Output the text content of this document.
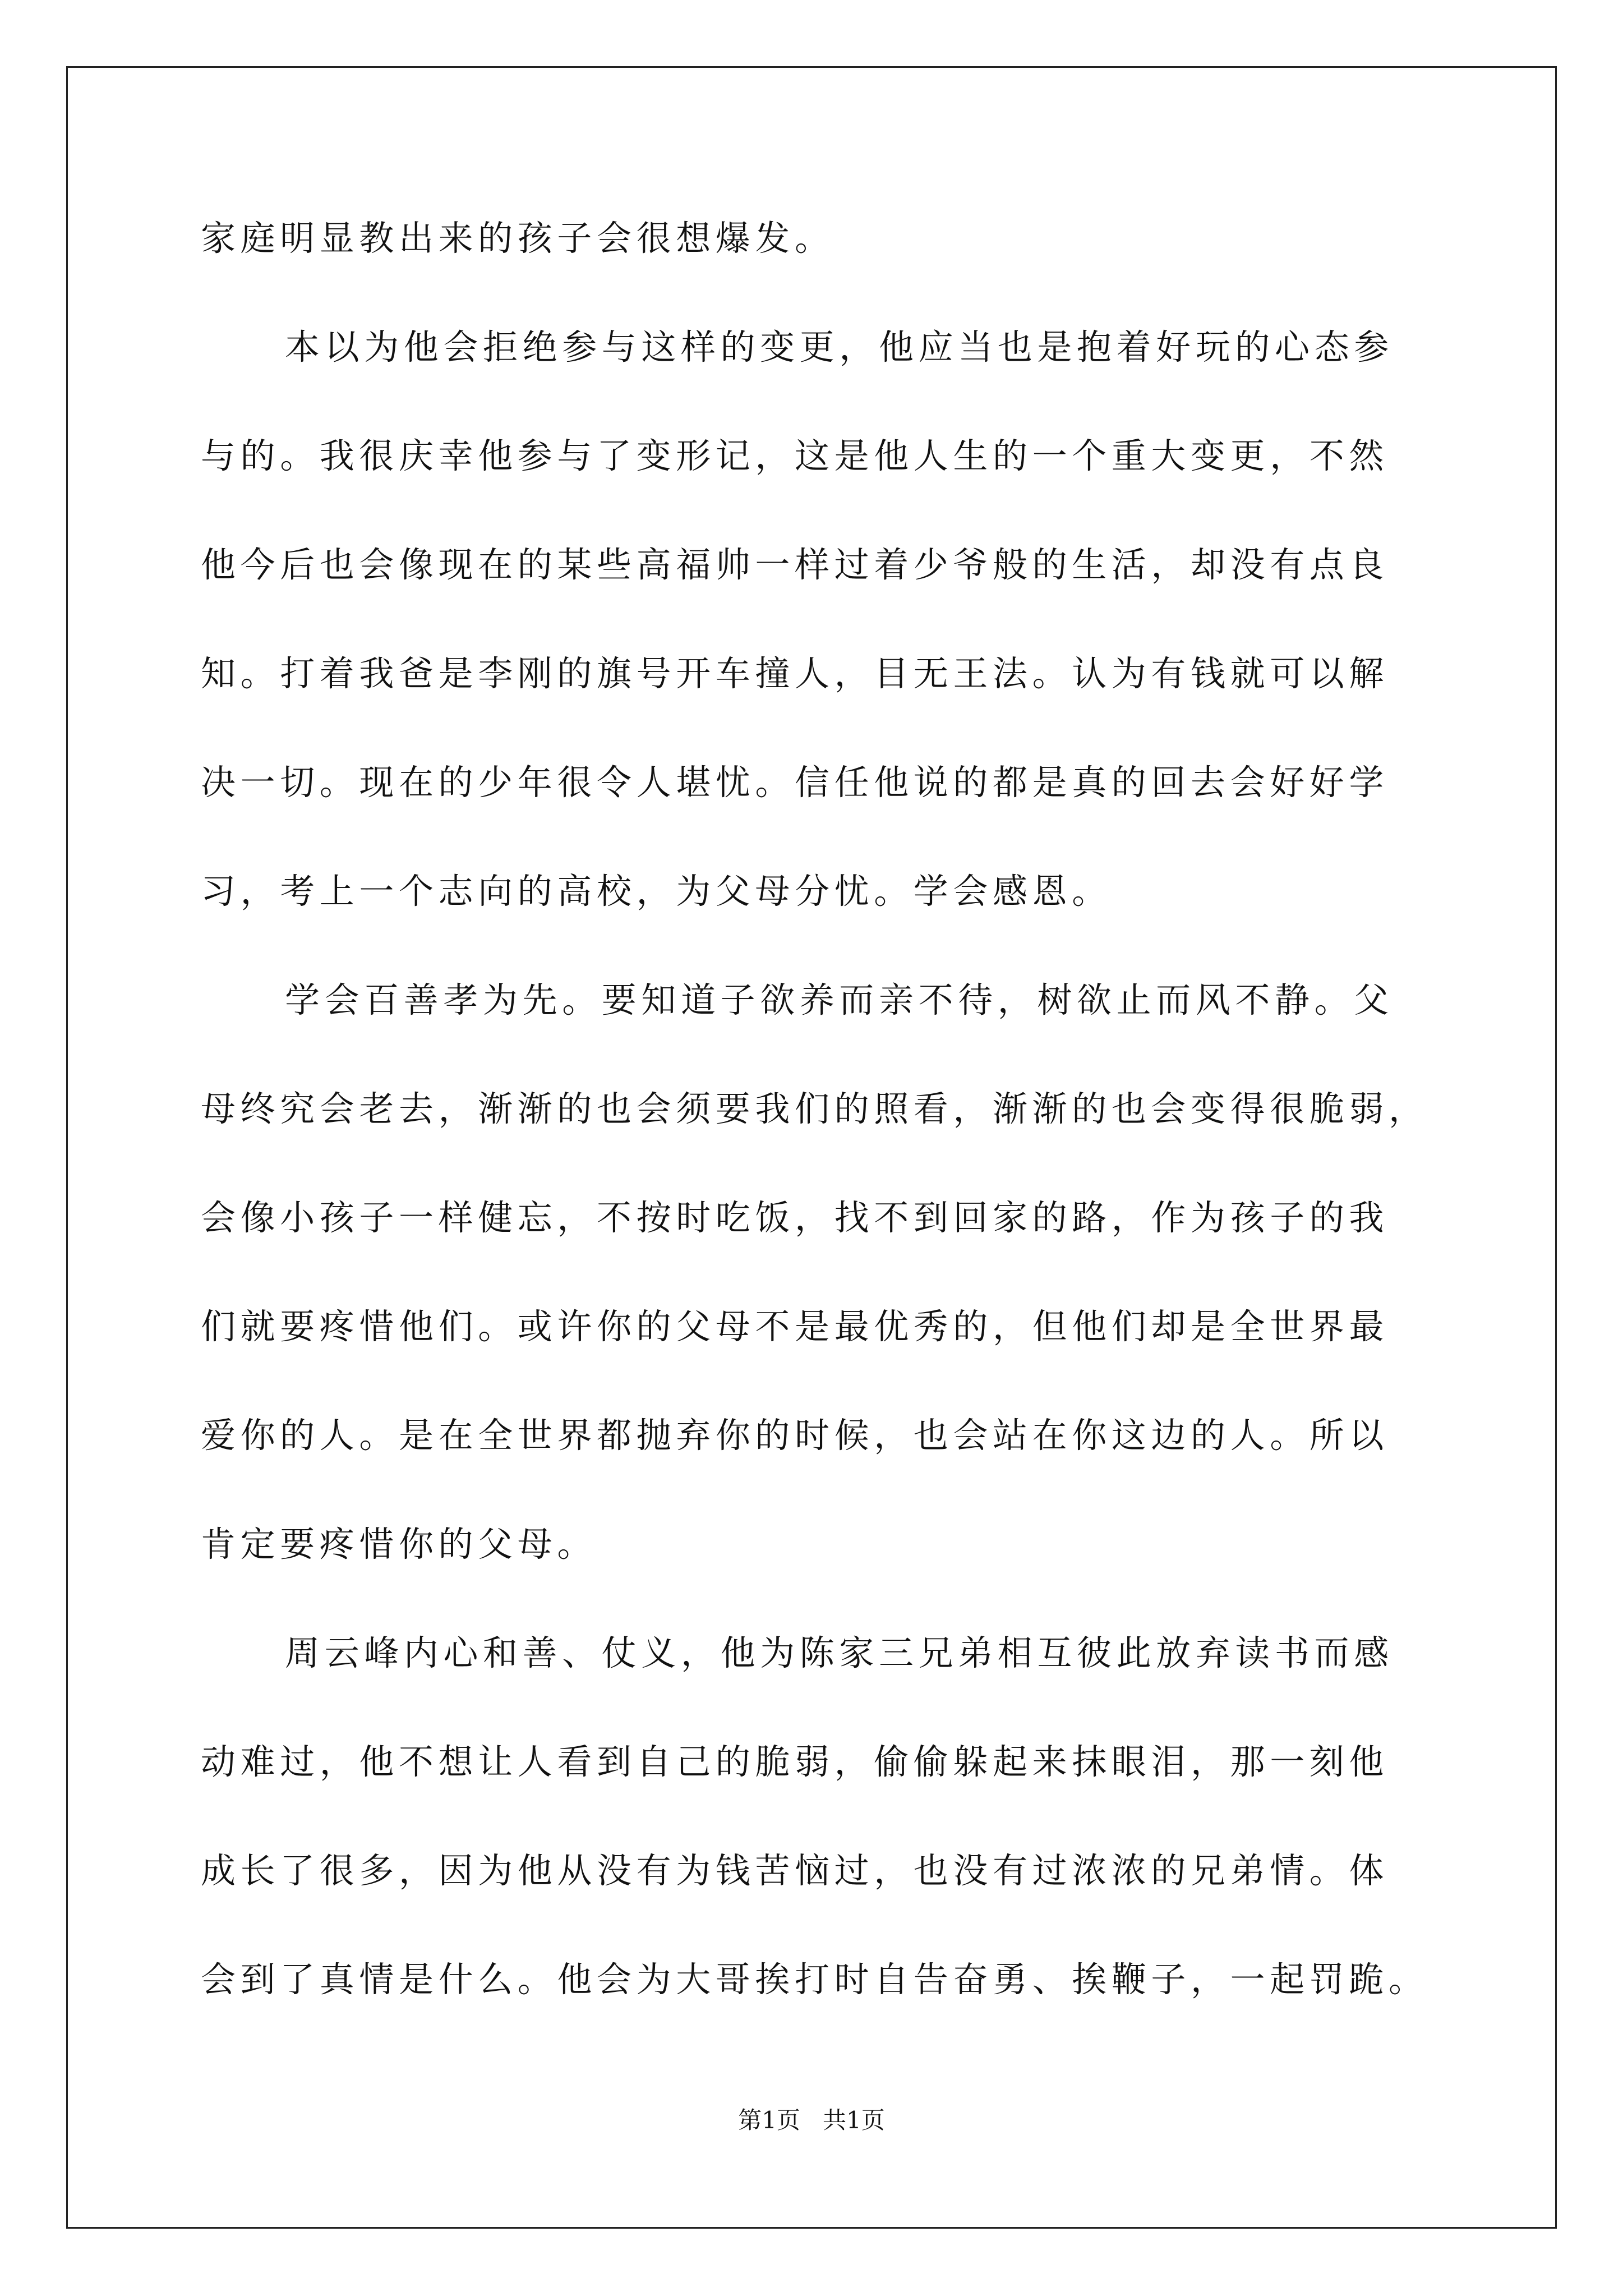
家庭明显教出来的孩子会很想爆发。
本以为他会拒绝参与这样的变更，他应当也是抱着好玩的心态参
与的。我很庆幸他参与了变形记，这是他人生的一个重大变更，不然
他今后也会像现在的某些高福帅一样过着少爷般的生活，却没有点良
知。打着我爸是李刚的旗号开车撞人，目无王法。认为有钱就可以解
决一切。现在的少年很令人堪忧。信任他说的都是真的回去会好好学
习，考上一个志向的高校，为父母分忧。学会感恩。
学会百善孝为先。要知道子欲养而亲不待，树欲止而风不静。父
母终究会老去，渐渐的也会须要我们的照看，渐渐的也会变得很脆弱，
会像小孩子一样健忘，不按时吃饭，找不到回家的路，作为孩子的我
们就要疼惜他们。或许你的父母不是最优秀的，但他们却是全世界最
爱你的人。是在全世界都抛弃你的时候，也会站在你这边的人。所以
肯定要疼惜你的父母。
周云峰内心和善、仗义，他为陈家三兄弟相互彼此放弃读书而感
动难过，他不想让人看到自己的脆弱，偷偷躲起来抹眼泪，那一刻他
成长了很多，因为他从没有为钱苦恼过，也没有过浓浓的兄弟情。体
会到了真情是什么。他会为大哥挨打时自告奋勇、挨鞭子，一起罚跪。
第1页   共1页
